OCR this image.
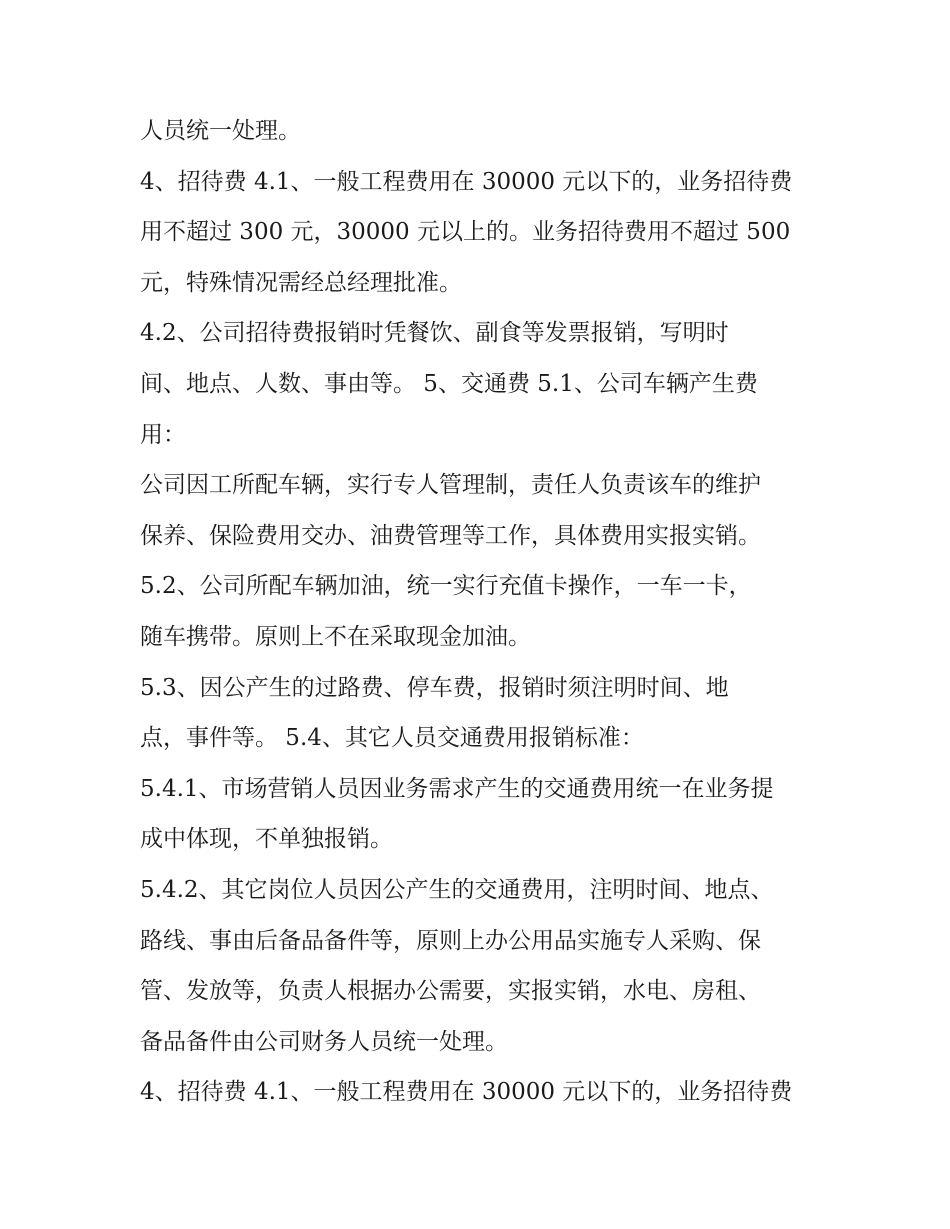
人员统一处理。
4、招待费 4.1、一般工程费用在 30000 元以下的，业务招待费
用不超过 300 元，30000 元以上的。业务招待费用不超过 500
元，特殊情况需经总经理批准。
4.2、公司招待费报销时凭餐饮、副食等发票报销，写明时
间、地点、人数、事由等。 5、交通费 5.1、公司车辆产生费
用：
公司因工所配车辆，实行专人管理制，责任人负责该车的维护
保养、保险费用交办、油费管理等工作，具体费用实报实销。
5.2、公司所配车辆加油，统一实行充值卡操作，一车一卡，
随车携带。原则上不在采取现金加油。
5.3、因公产生的过路费、停车费，报销时须注明时间、地
点，事件等。 5.4、其它人员交通费用报销标准：
5.4.1、市场营销人员因业务需求产生的交通费用统一在业务提
成中体现，不单独报销。
5.4.2、其它岗位人员因公产生的交通费用，注明时间、地点、
路线、事由后备品备件等，原则上办公用品实施专人采购、保
管、发放等，负责人根据办公需要，实报实销，水电、房租、
备品备件由公司财务人员统一处理。
4、招待费 4.1、一般工程费用在 30000 元以下的，业务招待费
